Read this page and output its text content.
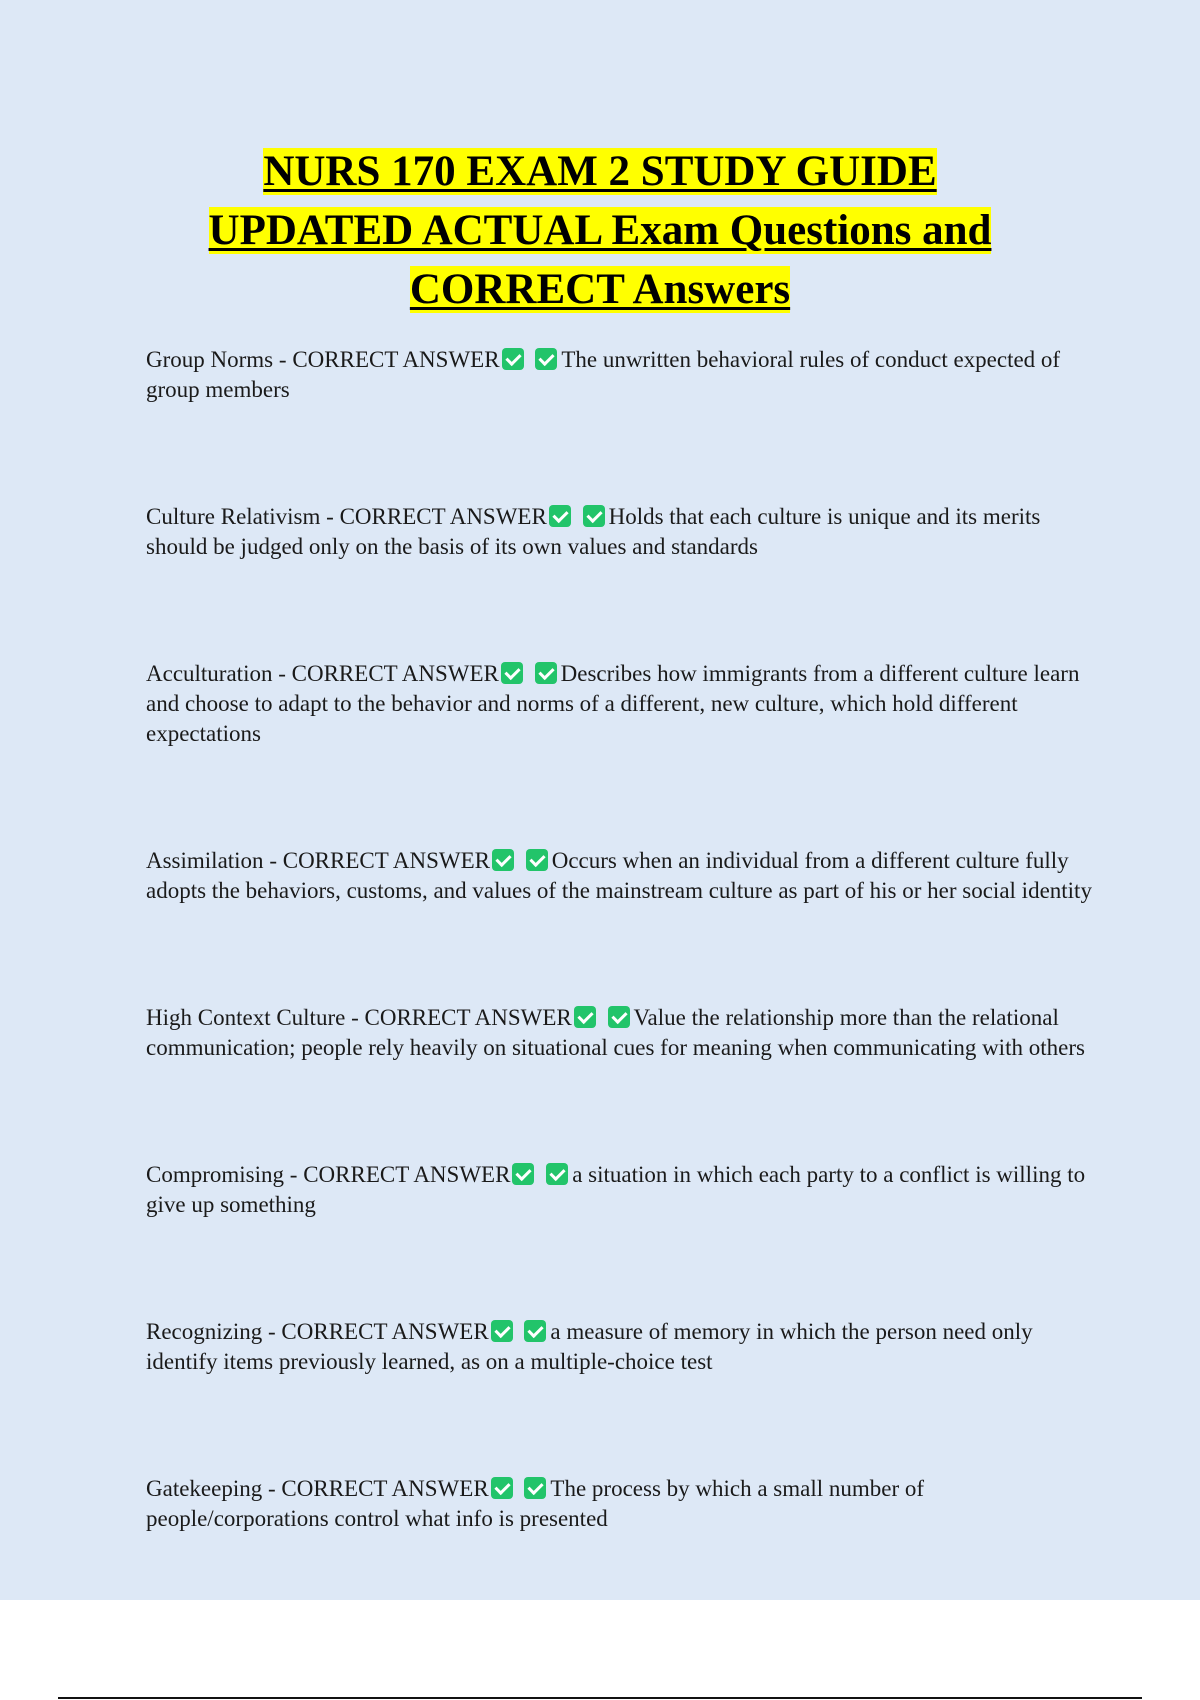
NURS 170 EXAM 2 STUDY GUIDE
UPDATED ACTUAL Exam Questions and
CORRECT Answers

Group Norms - CORRECT ANSWER	The unwritten behavioral rules of conduct expected of group members

Culture Relativism - CORRECT ANSWER	Holds that each culture is unique and its merits should be judged only on the basis of its own values and standards

Acculturation - CORRECT ANSWER	Describes how immigrants from a different culture learn and choose to adapt to the behavior and norms of a different, new culture, which hold different expectations

Assimilation - CORRECT ANSWER	Occurs when an individual from a different culture fully adopts the behaviors, customs, and values of the mainstream culture as part of his or her social identity

High Context Culture - CORRECT ANSWER	Value the relationship more than the relational communication; people rely heavily on situational cues for meaning when communicating with others

Compromising - CORRECT ANSWER	a situation in which each party to a conflict is willing to give up something

Recognizing - CORRECT ANSWER	a measure of memory in which the person need only identify items previously learned, as on a multiple-choice test

Gatekeeping - CORRECT ANSWER	The process by which a small number of people/corporations control what info is presented
